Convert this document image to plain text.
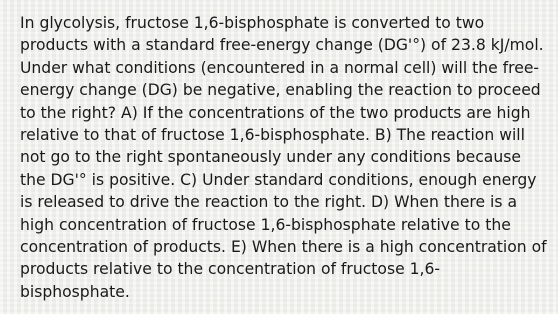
In glycolysis, fructose 1,6-bisphosphate is converted to two products with a standard free-energy change (DG'°) of 23.8 kJ/mol. Under what conditions (encountered in a normal cell) will the free-energy change (DG) be negative, enabling the reaction to proceed to the right? A) If the concentrations of the two products are high relative to that of fructose 1,6-bisphosphate. B) The reaction will not go to the right spontaneously under any conditions because the DG'° is positive. C) Under standard conditions, enough energy is released to drive the reaction to the right. D) When there is a high concentration of fructose 1,6-bisphosphate relative to the concentration of products. E) When there is a high concentration of products relative to the concentration of fructose 1,6-bisphosphate.
